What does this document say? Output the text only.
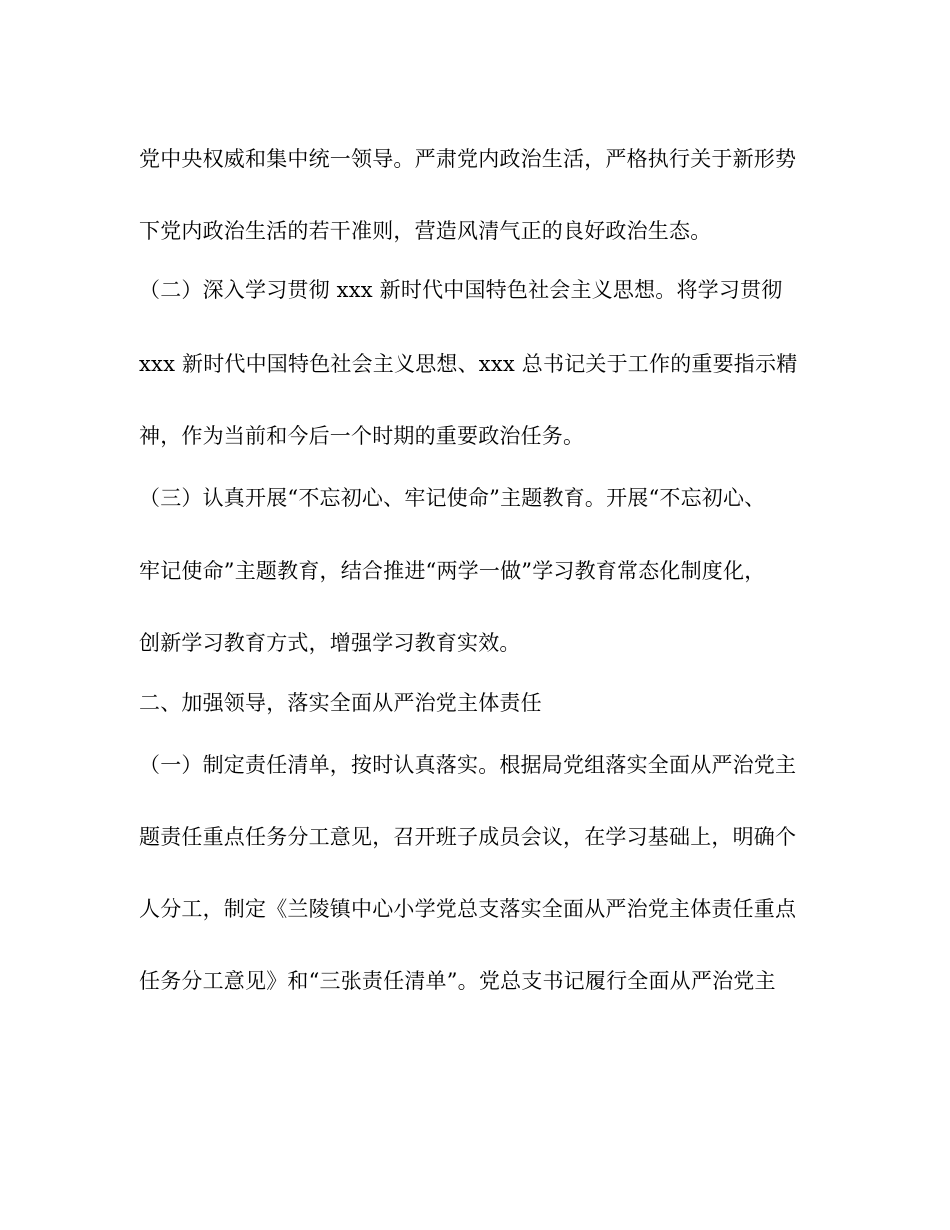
党中央权威和集中统一领导。严肃党内政治生活，严格执行关于新形势
下党内政治生活的若干准则，营造风清气正的良好政治生态。
（二）深入学习贯彻 xxx 新时代中国特色社会主义思想。将学习贯彻
xxx 新时代中国特色社会主义思想、xxx 总书记关于工作的重要指示精
神，作为当前和今后一个时期的重要政治任务。
（三）认真开展“不忘初心、牢记使命”主题教育。开展“不忘初心、
牢记使命”主题教育，结合推进“两学一做”学习教育常态化制度化，
创新学习教育方式，增强学习教育实效。
二、加强领导，落实全面从严治党主体责任
（一）制定责任清单，按时认真落实。根据局党组落实全面从严治党主
题责任重点任务分工意见，召开班子成员会议，在学习基础上，明确个
人分工，制定《兰陵镇中心小学党总支落实全面从严治党主体责任重点
任务分工意见》和“三张责任清单”。党总支书记履行全面从严治党主
